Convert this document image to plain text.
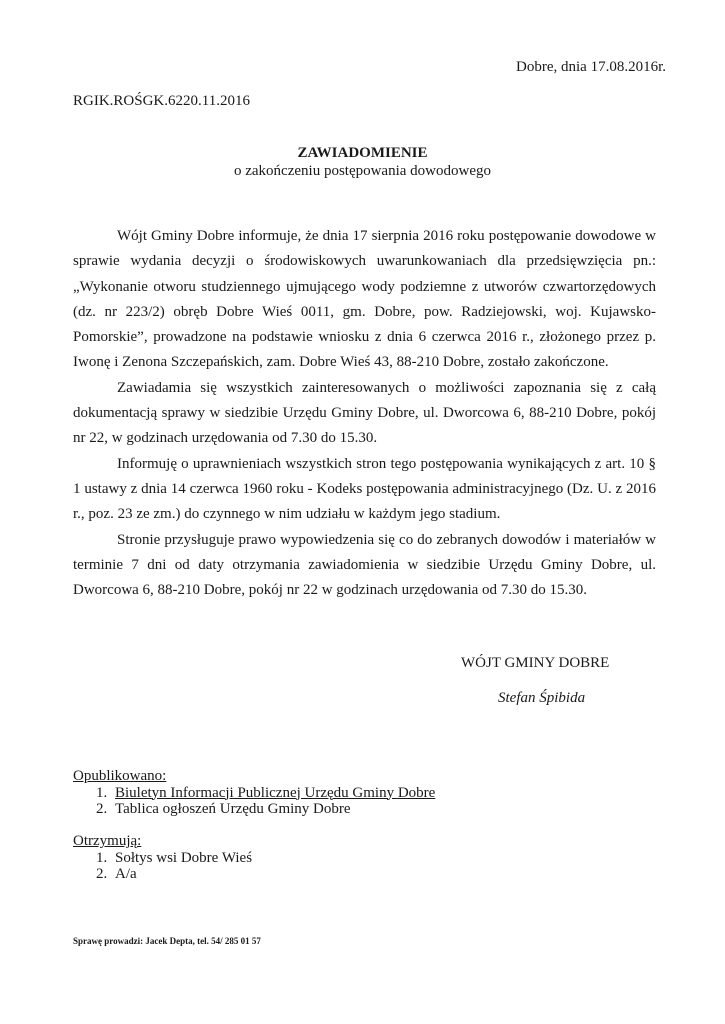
Dobre, dnia 17.08.2016r.
RGIK.ROŚGK.6220.11.2016
ZAWIADOMIENIE
o zakończeniu postępowania dowodowego

Wójt Gminy Dobre informuje, że dnia 17 sierpnia 2016 roku postępowanie dowodowe w sprawie wydania decyzji o środowiskowych uwarunkowaniach dla przedsięwzięcia pn.: „Wykonanie otworu studziennego ujmującego wody podziemne z utworów czwartorzędowych (dz. nr 223/2) obręb Dobre Wieś 0011, gm. Dobre, pow. Radziejowski, woj. Kujawsko-Pomorskie”, prowadzone na podstawie wniosku z dnia 6 czerwca 2016 r., złożonego przez p. Iwonę i Zenona Szczepańskich, zam. Dobre Wieś 43, 88-210 Dobre, zostało zakończone.

Zawiadamia się wszystkich zainteresowanych o możliwości zapoznania się z całą dokumentacją sprawy w siedzibie Urzędu Gminy Dobre, ul. Dworcowa 6, 88-210 Dobre, pokój nr 22, w godzinach urzędowania od 7.30 do 15.30.

Informuję o uprawnieniach wszystkich stron tego postępowania wynikających z art. 10 § 1 ustawy z dnia 14 czerwca 1960 roku - Kodeks postępowania administracyjnego (Dz. U. z 2016 r., poz. 23 ze zm.) do czynnego w nim udziału w każdym jego stadium.

Stronie przysługuje prawo wypowiedzenia się co do zebranych dowodów i materiałów w terminie 7 dni od daty otrzymania zawiadomienia w siedzibie Urzędu Gminy Dobre, ul. Dworcowa 6, 88-210 Dobre, pokój nr 22 w godzinach urzędowania od 7.30 do 15.30.

WÓJT GMINY DOBRE
Stefan Śpibida
Opublikowano:
1. Biuletyn Informacji Publicznej Urzędu Gminy Dobre
2. Tablica ogłoszeń Urzędu Gminy Dobre
Otrzymują:
1. Sołtys wsi Dobre Wieś
2. A/a
Sprawę prowadzi: Jacek Depta, tel. 54/ 285 01 57
